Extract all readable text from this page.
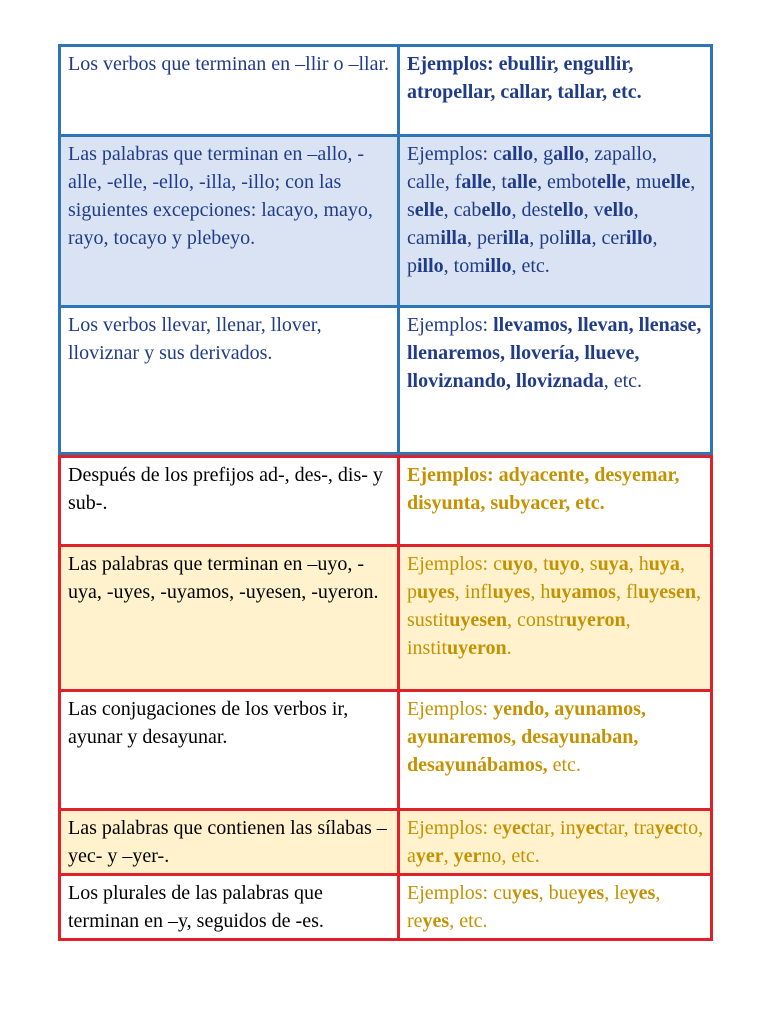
Los verbos que terminan en –llir o –llar.	Ejemplos: ebullir, engullir, atropellar, callar, tallar, etc.
Las palabras que terminan en –allo, -alle, -elle, -ello, -illa, -illo; con las siguientes excepciones: lacayo, mayo, rayo, tocayo y plebeyo.	Ejemplos: callo, gallo, zapallo, calle, falle, talle, embotelle, muelle, selle, cabello, destello, vello, camilla, perilla, polilla, cerillo, pillo, tomillo, etc.
Los verbos llevar, llenar, llover, lloviznar y sus derivados.	Ejemplos: llevamos, llevan, llenase, llenaremos, llovería, llueve, lloviznando, lloviznada, etc.
Después de los prefijos ad-, des-, dis- y sub-.	Ejemplos: adyacente, desyemar, disyunta, subyacer, etc.
Las palabras que terminan en –uyo, -uya, -uyes, -uyamos, -uyesen, -uyeron.	Ejemplos: cuyo, tuyo, suya, huya, puyes, influyes, huyamos, fluyesen, sustituyesen, construyeron, instituyeron.
Las conjugaciones de los verbos ir, ayunar y desayunar.	Ejemplos: yendo, ayunamos, ayunaremos, desayunaban, desayunábamos, etc.
Las palabras que contienen las sílabas –yec- y –yer-.	Ejemplos: eyectar, inyectar, trayecto, ayer, yerno, etc.
Los plurales de las palabras que terminan en –y, seguidos de -es.	Ejemplos: cuyes, bueyes, leyes, reyes, etc.
